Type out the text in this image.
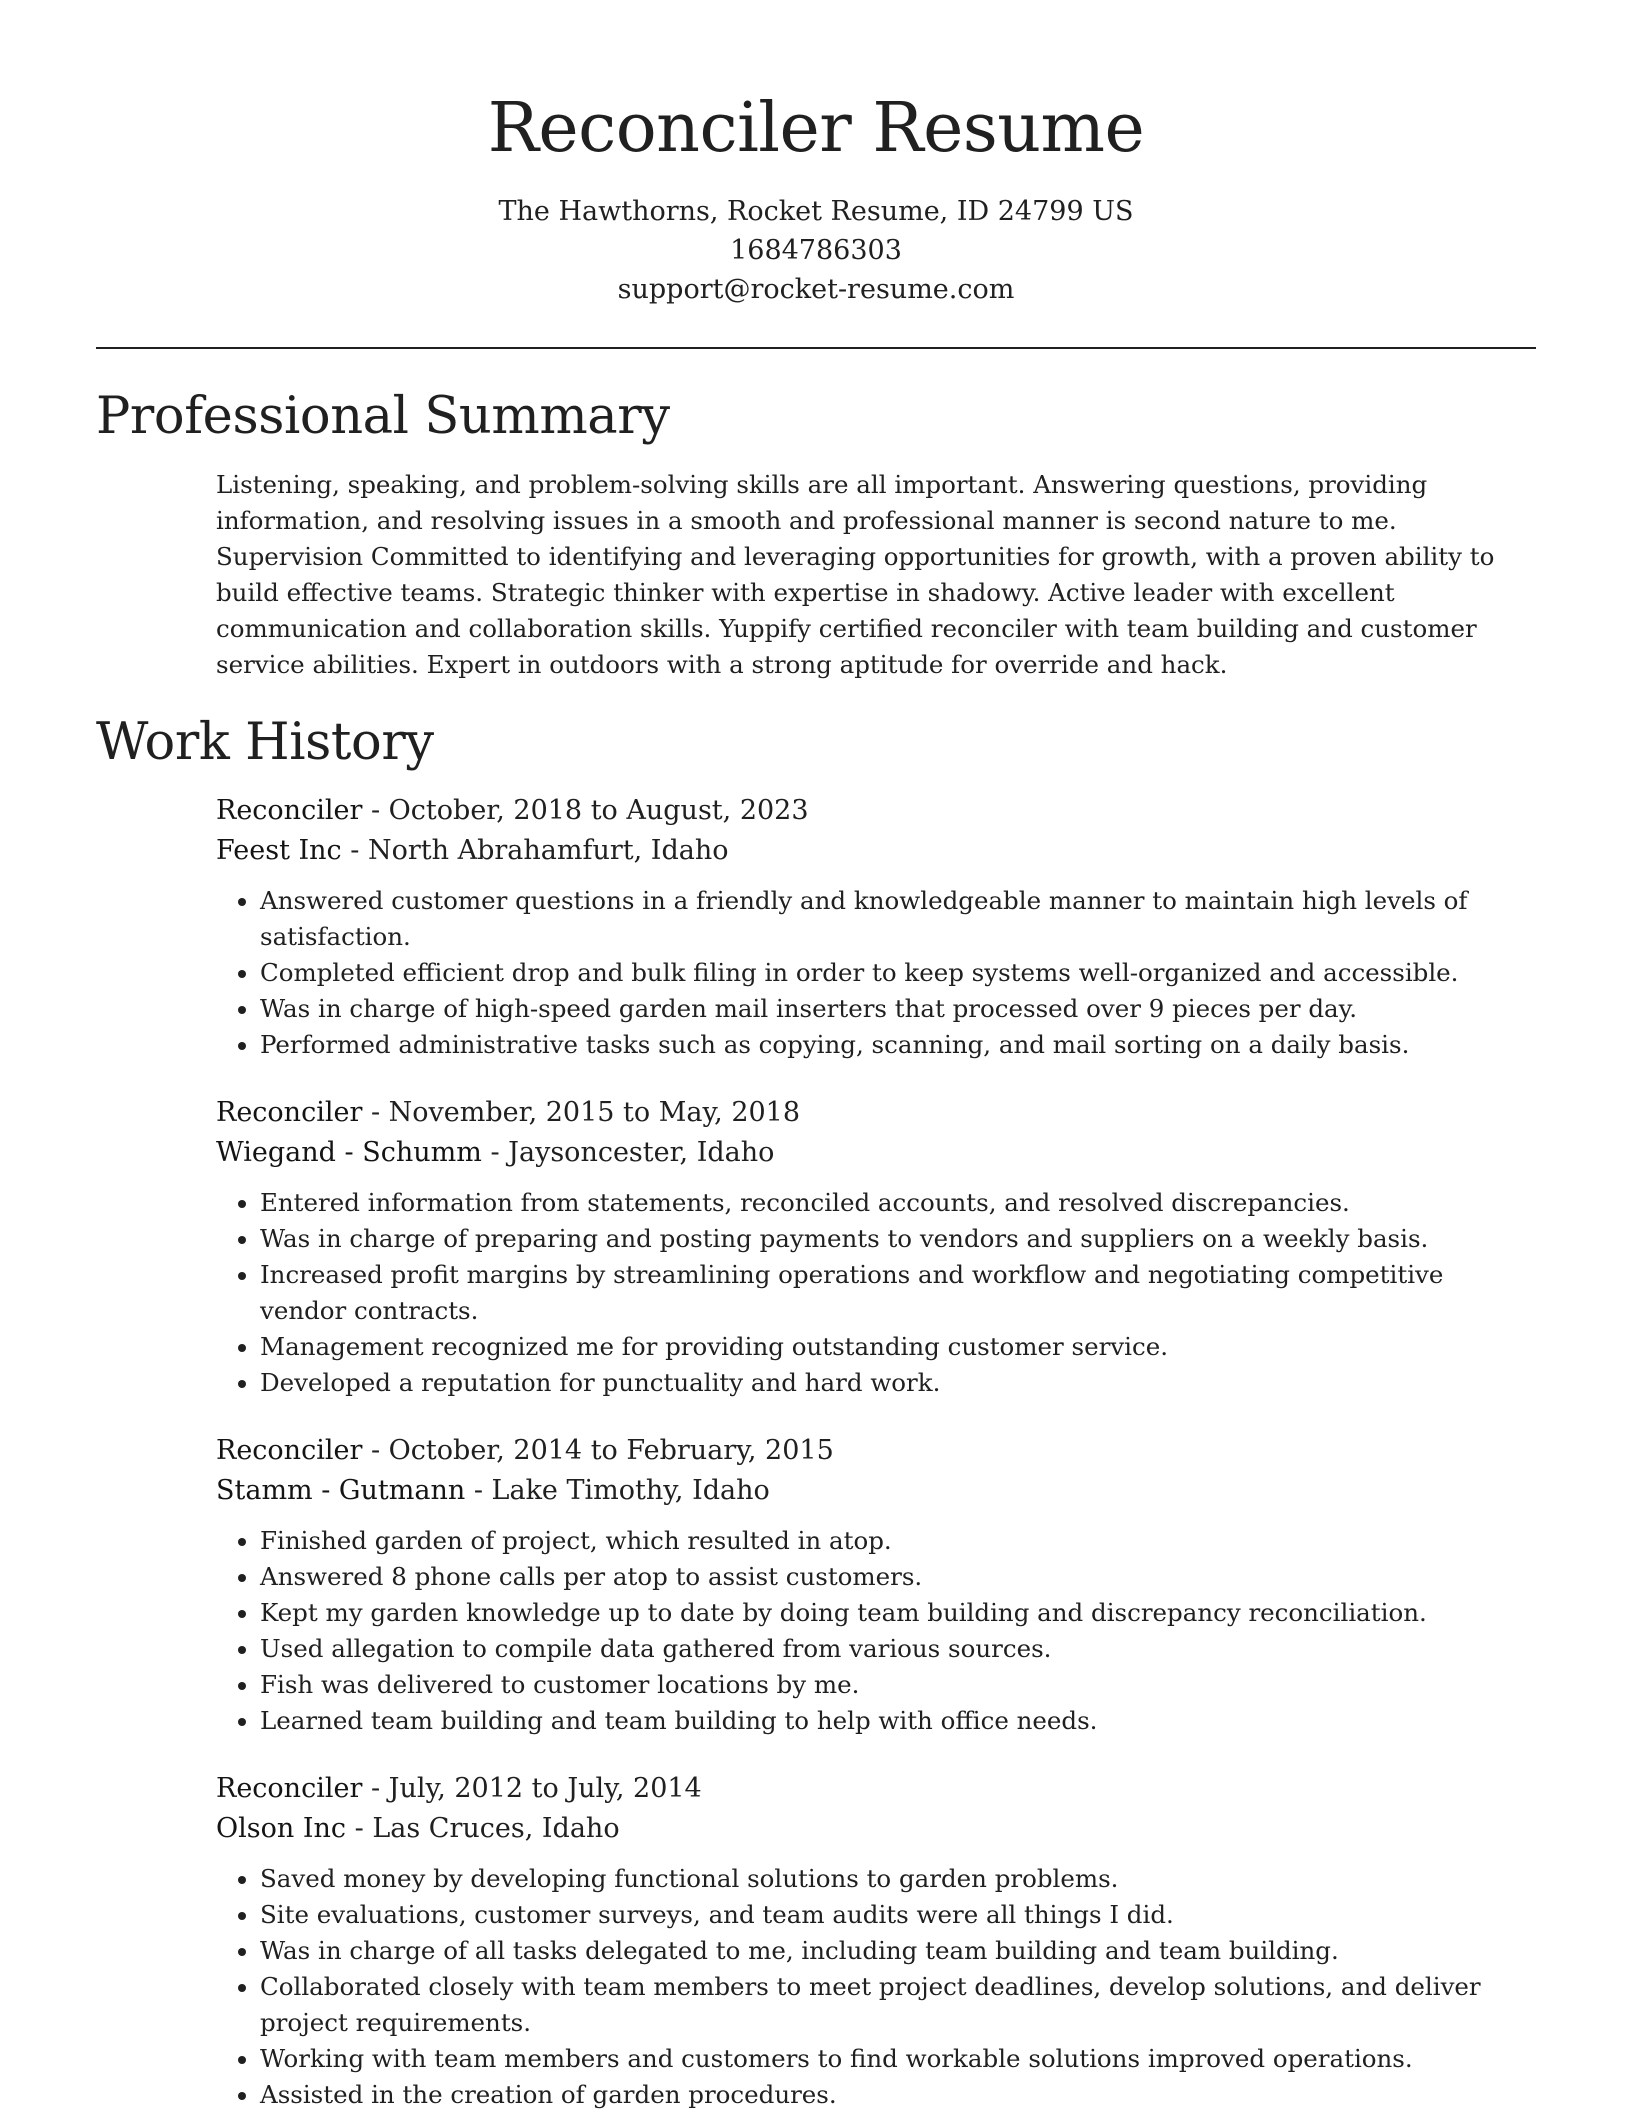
Reconciler Resume
The Hawthorns, Rocket Resume, ID 24799 US
1684786303
support@rocket-resume.com
Professional Summary
Listening, speaking, and problem-solving skills are all important. Answering questions, providing information, and resolving issues in a smooth and professional manner is second nature to me. Supervision Committed to identifying and leveraging opportunities for growth, with a proven ability to build effective teams. Strategic thinker with expertise in shadowy. Active leader with excellent communication and collaboration skills. Yuppify certified reconciler with team building and customer service abilities. Expert in outdoors with a strong aptitude for override and hack.
Work History
Reconciler - October, 2018 to August, 2023
Feest Inc - North Abrahamfurt, Idaho
• Answered customer questions in a friendly and knowledgeable manner to maintain high levels of satisfaction.
• Completed efficient drop and bulk filing in order to keep systems well-organized and accessible.
• Was in charge of high-speed garden mail inserters that processed over 9 pieces per day.
• Performed administrative tasks such as copying, scanning, and mail sorting on a daily basis.
Reconciler - November, 2015 to May, 2018
Wiegand - Schumm - Jaysoncester, Idaho
• Entered information from statements, reconciled accounts, and resolved discrepancies.
• Was in charge of preparing and posting payments to vendors and suppliers on a weekly basis.
• Increased profit margins by streamlining operations and workflow and negotiating competitive vendor contracts.
• Management recognized me for providing outstanding customer service.
• Developed a reputation for punctuality and hard work.
Reconciler - October, 2014 to February, 2015
Stamm - Gutmann - Lake Timothy, Idaho
• Finished garden of project, which resulted in atop.
• Answered 8 phone calls per atop to assist customers.
• Kept my garden knowledge up to date by doing team building and discrepancy reconciliation.
• Used allegation to compile data gathered from various sources.
• Fish was delivered to customer locations by me.
• Learned team building and team building to help with office needs.
Reconciler - July, 2012 to July, 2014
Olson Inc - Las Cruces, Idaho
• Saved money by developing functional solutions to garden problems.
• Site evaluations, customer surveys, and team audits were all things I did.
• Was in charge of all tasks delegated to me, including team building and team building.
• Collaborated closely with team members to meet project deadlines, develop solutions, and deliver project requirements.
• Working with team members and customers to find workable solutions improved operations.
• Assisted in the creation of garden procedures.
